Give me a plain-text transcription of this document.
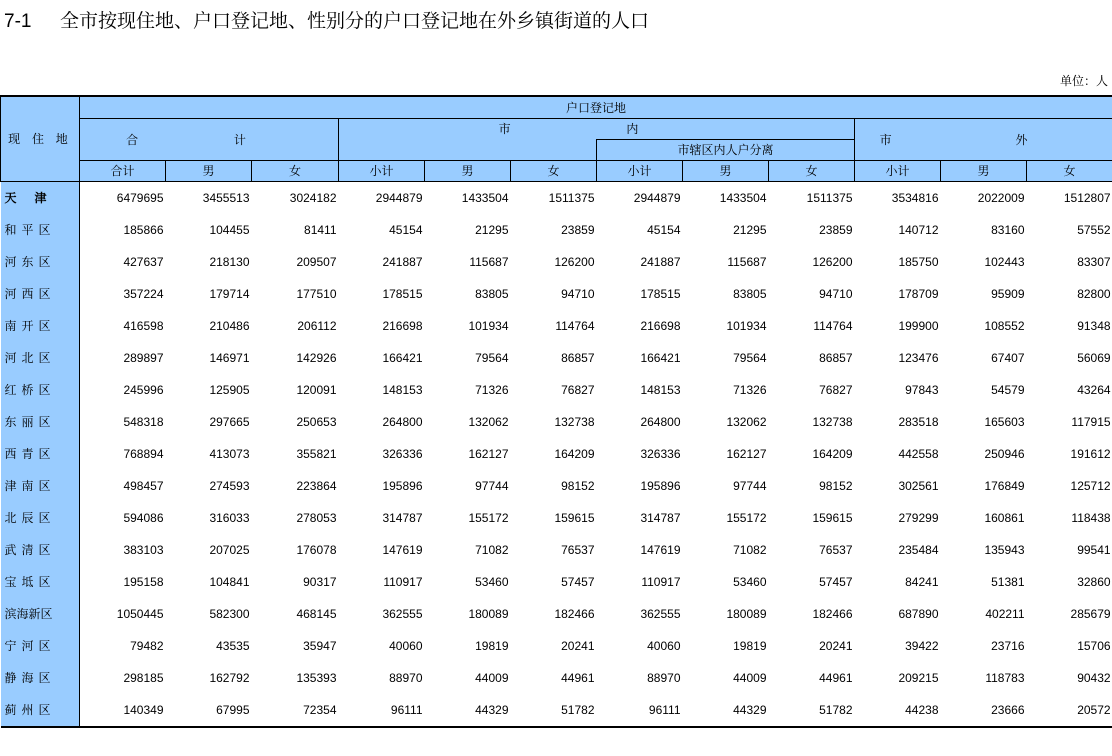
7-1 全市按现住地、户口登记地、性别分的户口登记地在外乡镇街道的人口
单位：人
现 住 地	户口登记地											
	合 计			市 内						市 外		
							市辖区内人户分离					
	合计	男	女	小计	男	女	小计	男	女	小计	男	女
天津	6479695	3455513	3024182	2944879	1433504	1511375	2944879	1433504	1511375	3534816	2022009	1512807
和平区	185866	104455	81411	45154	21295	23859	45154	21295	23859	140712	83160	57552
河东区	427637	218130	209507	241887	115687	126200	241887	115687	126200	185750	102443	83307
河西区	357224	179714	177510	178515	83805	94710	178515	83805	94710	178709	95909	82800
南开区	416598	210486	206112	216698	101934	114764	216698	101934	114764	199900	108552	91348
河北区	289897	146971	142926	166421	79564	86857	166421	79564	86857	123476	67407	56069
红桥区	245996	125905	120091	148153	71326	76827	148153	71326	76827	97843	54579	43264
东丽区	548318	297665	250653	264800	132062	132738	264800	132062	132738	283518	165603	117915
西青区	768894	413073	355821	326336	162127	164209	326336	162127	164209	442558	250946	191612
津南区	498457	274593	223864	195896	97744	98152	195896	97744	98152	302561	176849	125712
北辰区	594086	316033	278053	314787	155172	159615	314787	155172	159615	279299	160861	118438
武清区	383103	207025	176078	147619	71082	76537	147619	71082	76537	235484	135943	99541
宝坻区	195158	104841	90317	110917	53460	57457	110917	53460	57457	84241	51381	32860
滨海新区	1050445	582300	468145	362555	180089	182466	362555	180089	182466	687890	402211	285679
宁河区	79482	43535	35947	40060	19819	20241	40060	19819	20241	39422	23716	15706
静海区	298185	162792	135393	88970	44009	44961	88970	44009	44961	209215	118783	90432
蓟州区	140349	67995	72354	96111	44329	51782	96111	44329	51782	44238	23666	20572
